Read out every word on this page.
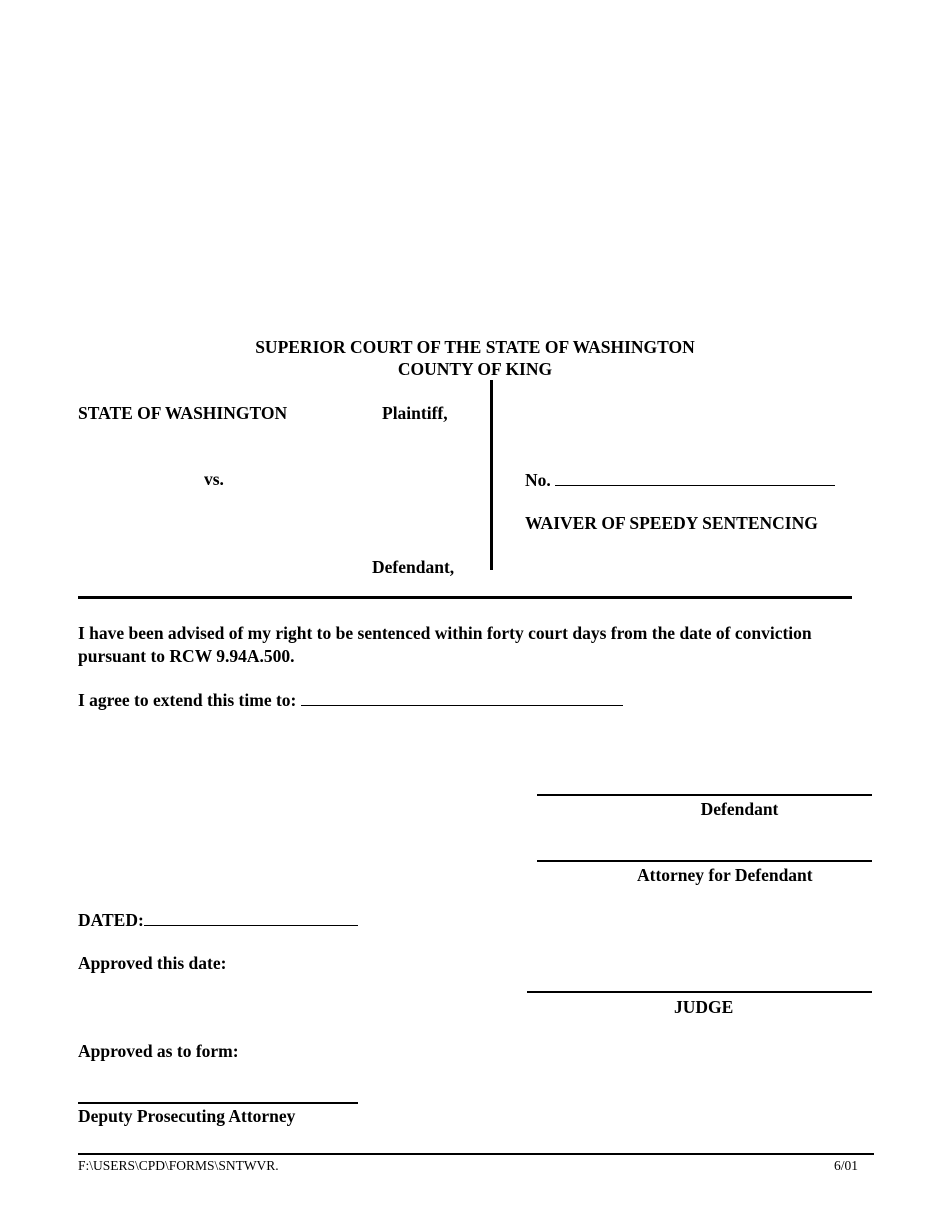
SUPERIOR COURT OF THE STATE OF WASHINGTON
COUNTY OF KING
STATE OF WASHINGTON	Plaintiff,
vs.
Defendant,
No.
WAIVER OF SPEEDY SENTENCING
I have been advised of my right to be sentenced within forty court days from the date of conviction
pursuant to RCW 9.94A.500.
I agree to extend this time to:
Defendant
Attorney for Defendant
DATED:
Approved this date:
JUDGE
Approved as to form:
Deputy Prosecuting Attorney
F:\USERS\CPD\FORMS\SNTWVR.	6/01
